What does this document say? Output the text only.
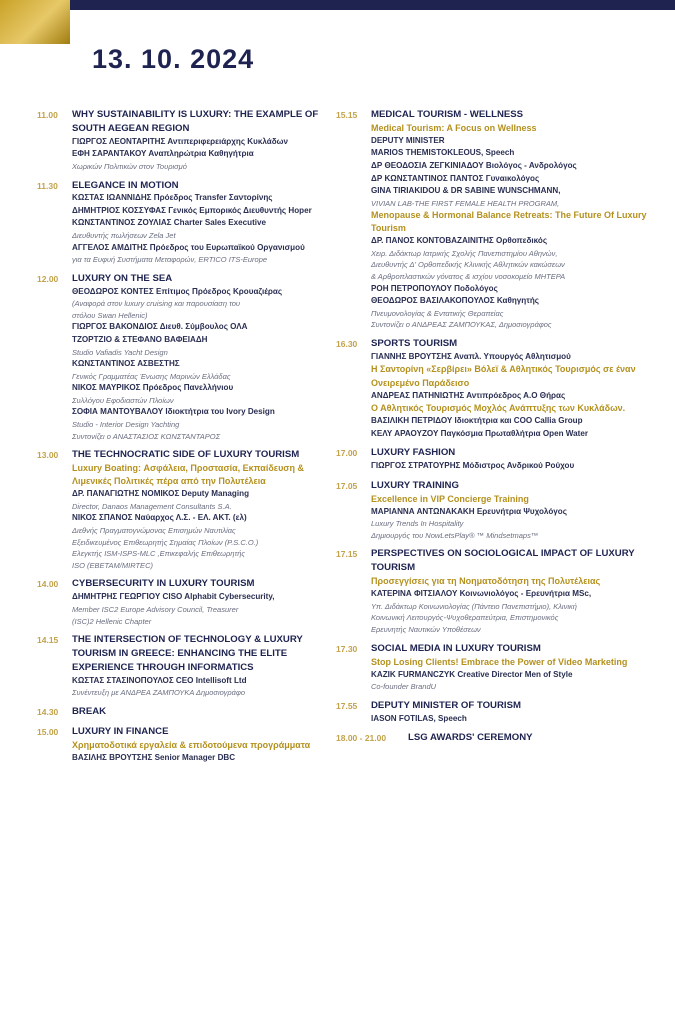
13. 10. 2024
11.00	WHY SUSTAINABILITY IS LUXURY: THE EXAMPLE OF SOUTH AEGEAN REGION
ΓΙΩΡΓΟΣ ΛΕΟΝΤΑΡΙΤΗΣ Αντιπεριφερειάρχης Κυκλάδων
ΕΦΗ ΣΑΡΑΝΤΑΚΟΥ Αναπληρώτρια Καθηγήτρια
Χωρικών Πολιτικών στον Τουρισμό
11.30	ELEGANCE IN MOTION
ΚΩΣΤΑΣ ΙΩΑΝΝΙΔΗΣ Πρόεδρος Transfer Σαντορίνης
ΔΗΜΗΤΡΙΟΣ ΚΟΣΣΥΦΑΣ Γενικός Εμπορικός Διευθυντής Hoper
ΚΩΝΣΤΑΝΤΙΝΟΣ ΖΟΥΛΙΑΣ Charter Sales Executive
Διευθυντής πωλήσεων Zela Jet
ΑΓΓΕΛΟΣ ΑΜΔΙΤΗΣ Πρόεδρος του Ευρωπαϊκού Οργανισμού
για τα Ευφυή Συστήματα Μεταφορών, ERTICO ITS-Europe
12.00	LUXURY ON THE SEA
ΘΕΟΔΩΡΟΣ ΚΟΝΤΕΣ Επίτιμος Πρόεδρος Κρουαζιέρας
(Αναφορά στον luxury cruising και παρουσίαση του
στόλου Swan Hellenic)
ΓΙΩΡΓΟΣ ΒΑΚΟΝΔΙΟΣ Διευθ. Σύμβουλος ΟΛΑ
ΤΖΟΡΤΖΙΟ & ΣΤΕΦΑΝΟ ΒΑΦΕΙΑΔΗ
Studio Vafiadis Yacht Design
ΚΩΝΣΤΑΝΤΙΝΟΣ ΑΣΒΕΣΤΗΣ
Γενικός Γραμματέας Ένωσης Μαρινών Ελλάδας
ΝΙΚΟΣ ΜΑΥΡΙΚΟΣ Πρόεδρος Πανελλήνιου
Συλλόγου Εφοδιαστών Πλοίων
ΣΟΦΙΑ ΜΑΝΤΟΥΒΑΛΟΥ Ιδιοκτήτρια του Ivory Design
Studio - Interior Design Yachting
Συντονίζει ο ΑΝΑΣΤΑΣΙΟΣ ΚΩΝΣΤΑΝΤΑΡΟΣ
13.00	THE TECHNOCRATIC SIDE OF LUXURY TOURISM
Luxury Boating: Ασφάλεια, Προστασία, Εκπαίδευση & Λιμενικές Πολιτικές πέρα από την Πολυτέλεια
ΔΡ. ΠΑΝΑΓΙΩΤΗΣ ΝΟΜΙΚΟΣ Deputy Managing
Director, Danaos Management Consultants S.A.
ΝΙΚΟΣ ΣΠΑΝΟΣ Ναύαρχος Λ.Σ. - ΕΛ. ΑΚΤ. (ελ)
Διεθνής Πραγματογνώμονας Επισημών Ναυτιλίας
Εξειδικευμένος Επιθεωρητής Σημαίας Πλοίων (P.S.C.O.)
Ελεγκτής ISM-ISPS-MLC ,Επικεφαλής Επιθεωρητής
ISO (EBETAM/MIRTEC)
14.00	CYBERSECURITY IN LUXURY TOURISM
ΔΗΜΗΤΡΗΣ ΓΕΩΡΓΙΟΥ CISO Alphabit Cybersecurity,
Member ISC2 Europe Advisory Council, Treasurer
(ISC)2 Hellenic Chapter
14.15	THE INTERSECTION OF TECHNOLOGY & LUXURY TOURISM IN GREECE: ENHANCING THE ELITE EXPERIENCE THROUGH INFORMATICS
ΚΩΣΤΑΣ ΣΤΑΣΙΝΟΠΟΥΛΟΣ CEO Intellisoft Ltd
Συνέντευξη με ΑΝΔΡΕΑ ΖΑΜΠΟΥΚΑ Δημοσιογράφο
14.30	BREAK
15.00	LUXURY IN FINANCE
Χρηματοδοτικά εργαλεία & επιδοτούμενα προγράμματα
ΒΑΣΙΛΗΣ ΒΡΟΥΤΣΗΣ Senior Manager DBC
15.15	MEDICAL TOURISM - WELLNESS
Medical Tourism: A Focus on Wellness
DEPUTY MINISTER
MARIOS THEMISTOKLEOUS, Speech
ΔΡ ΘΕΟΔΟΣΙΑ ΖΕΓΚΙΝΙΑΔΟΥ Βιολόγος - Ανδρολόγος
ΔΡ ΚΩΝΣΤΑΝΤΙΝΟΣ ΠΑΝΤΟΣ Γυναικολόγος
GINA TIRIAKIDOU & DR SABINE WUNSCHMANN,
VIVIAN LAB-THE FIRST FEMALE HEALTH PROGRAM,
Menopause & Hormonal Balance Retreats: The Future Of Luxury Tourism
ΔΡ. ΠΑΝΟΣ ΚΟΝΤΟΒΑΖΑΙΝΙΤΗΣ Ορθοπεδικός
Χειρ. Διδάκτωρ Ιατρικής Σχολής Πανεπιστημίου Αθηνών,
Διευθυντής Δ' Ορθοπεδικής Κλινικής Αθλητικών κακώσεων
& Αρθροπλαστικών γόνατος & ισχίου νοσοκομείο ΜΗΤΕΡΑ
ΡΟΗ ΠΕΤΡΟΠΟΥΛΟΥ Ποδολόγος
ΘΕΟΔΩΡΟΣ ΒΑΣΙΛΑΚΟΠΟΥΛΟΣ Καθηγητής
Πνευμονολογίας & Εντατικής Θεραπείας
Συντονίζει ο ΑΝΔΡΕΑΣ ΖΑΜΠΟΥΚΑΣ, Δημοσιογράφος
16.30	SPORTS TOURISM
ΓΙΑΝΝΗΣ ΒΡΟΥΤΣΗΣ Αναπλ. Υπουργός Αθλητισμού
Η Σαντορίνη «Σερβίρει» Βόλεϊ & Αθλητικός Τουρισμός σε έναν Ονειρεμένο Παράδεισο
ΑΝΔΡΕΑΣ ΠΑΤΗΝΙΩΤΗΣ Αντιπρόεδρος Α.Ο Θήρας
Ο Αθλητικός Τουρισμός Μοχλός Ανάπτυξης των Κυκλάδων.
ΒΑΣΙΛΙΚΗ ΠΕΤΡΙΔΟΥ Ιδιοκτήτρια και COO Callia Group
ΚΕΛΥ ΑΡΑΟΥΖΟΥ Παγκόσμια Πρωταθλήτρια Open Water
17.00	LUXURY FASHION
ΓΙΩΡΓΟΣ ΣΤΡΑΤΟΥΡΗΣ Μόδιστρος Ανδρικού Ρούχου
17.05	LUXURY TRAINING
Excellence in VIP Concierge Training
ΜΑΡΙΑΝΝΑ ΑΝΤΩΝΑΚΑΚΗ Ερευνήτρια Ψυχολόγος
Luxury Trends In Hospitality
Δημιουργός του NowLetsPlay® ™ Mindsetmaps™
17.15	PERSPECTIVES ON SOCIOLOGICAL IMPACT OF LUXURY TOURISM
Προσεγγίσεις για τη Νοηματοδότηση της Πολυτέλειας
ΚΑΤΕΡΙΝΑ ΦΙΤΣΙΑΛΟΥ Κοινωνιολόγος - Ερευνήτρια MSc,
Υπ. Διδάκτωρ Κοινωνιολογίας (Πάντειο Πανεπιστήμιο), Κλινική
Κοινωνική Λειτουργός-Ψυχοθεραπεύτρια, Επιστημονικός
Ερευνητής Ναυτικών Υποθέσεων
17.30	SOCIAL MEDIA IN LUXURY TOURISM
Stop Losing Clients! Embrace the Power of Video Marketing
KAZIK FURMANCZYK Creative Director Men of Style
Co-founder BrandU
17.55	DEPUTY MINISTER OF TOURISM
IASON FOTILAS, Speech
18.00 - 21.00	LSG AWARDS' CEREMONY
